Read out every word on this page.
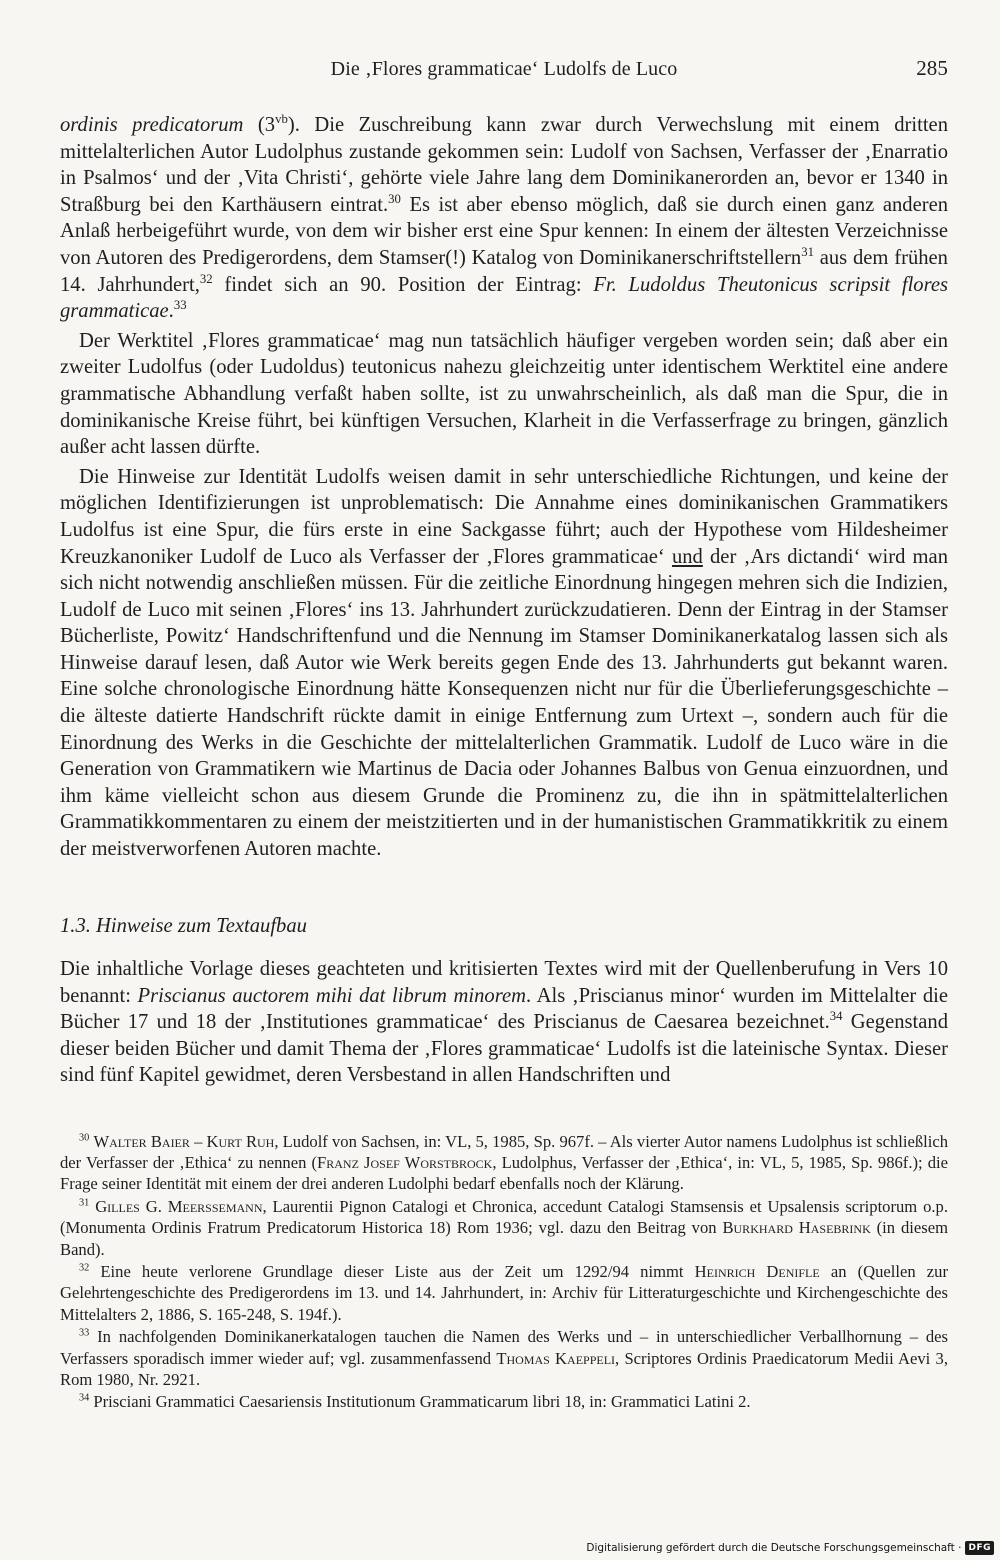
Die ‚Flores grammaticae‘ Ludolfs de Luco	285

ordinis predicatorum $(3^{vb})$. Die Zuschreibung kann zwar durch Verwechslung mit einem dritten mittelalterlichen Autor Ludolphus zustande gekommen sein: Ludolf von Sachsen, Verfasser der ‚Enarratio in Psalmos‘ und der ‚Vita Christi‘, gehörte viele Jahre lang dem Dominikanerorden an, bevor er 1340 in Straßburg bei den Karthäusern eintrat.$^{30}$ Es ist aber ebenso möglich, daß sie durch einen ganz anderen Anlaß herbeigeführt wurde, von dem wir bisher erst eine Spur kennen: In einem der ältesten Verzeichnisse von Autoren des Predigerordens, dem Stamser(!) Katalog von Dominikanerschriftstellern$^{31}$ aus dem frühen 14. Jahrhundert,$^{32}$ findet sich an 90. Position der Eintrag: Fr. Ludoldus Theutonicus scripsit flores grammaticae.$^{33}$

Der Werktitel ‚Flores grammaticae‘ mag nun tatsächlich häufiger vergeben worden sein; daß aber ein zweiter Ludolfus (oder Ludoldus) teutonicus nahezu gleichzeitig unter identischem Werktitel eine andere grammatische Abhandlung verfaßt haben sollte, ist zu unwahrscheinlich, als daß man die Spur, die in dominikanische Kreise führt, bei künftigen Versuchen, Klarheit in die Verfasserfrage zu bringen, gänzlich außer acht lassen dürfte.

Die Hinweise zur Identität Ludolfs weisen damit in sehr unterschiedliche Richtungen, und keine der möglichen Identifizierungen ist unproblematisch: Die Annahme eines dominikanischen Grammatikers Ludolfus ist eine Spur, die fürs erste in eine Sackgasse führt; auch der Hypothese vom Hildesheimer Kreuzkanoniker Ludolf de Luco als Verfasser der ‚Flores grammaticae‘ und der ‚Ars dictandi‘ wird man sich nicht notwendig anschließen müssen. Für die zeitliche Einordnung hingegen mehren sich die Indizien, Ludolf de Luco mit seinen ‚Flores‘ ins 13. Jahrhundert zurückzudatieren. Denn der Eintrag in der Stamser Bücherliste, Powitz‘ Handschriftenfund und die Nennung im Stamser Dominikanerkatalog lassen sich als Hinweise darauf lesen, daß Autor wie Werk bereits gegen Ende des 13. Jahrhunderts gut bekannt waren. Eine solche chronologische Einordnung hätte Konsequenzen nicht nur für die Überlieferungsgeschichte – die älteste datierte Handschrift rückte damit in einige Entfernung zum Urtext –, sondern auch für die Einordnung des Werks in die Geschichte der mittelalterlichen Grammatik. Ludolf de Luco wäre in die Generation von Grammatikern wie Martinus de Dacia oder Johannes Balbus von Genua einzuordnen, und ihm käme vielleicht schon aus diesem Grunde die Prominenz zu, die ihn in spätmittelalterlichen Grammatikkommentaren zu einem der meistzitierten und in der humanistischen Grammatikkritik zu einem der meistverworfenen Autoren machte.

1.3. Hinweise zum Textaufbau

Die inhaltliche Vorlage dieses geachteten und kritisierten Textes wird mit der Quellenberufung in Vers 10 benannt: Priscianus auctorem mihi dat librum minorem. Als ‚Priscianus minor‘ wurden im Mittelalter die Bücher 17 und 18 der ‚Institutiones grammaticae‘ des Priscianus de Caesarea bezeichnet.$^{34}$ Gegenstand dieser beiden Bücher und damit Thema der ‚Flores grammaticae‘ Ludolfs ist die lateinische Syntax. Dieser sind fünf Kapitel gewidmet, deren Versbestand in allen Handschriften und

$^{30}$ Walter Baier – Kurt Ruh, Ludolf von Sachsen, in: VL, 5, 1985, Sp. 967f. – Als vierter Autor namens Ludolphus ist schließlich der Verfasser der ‚Ethica‘ zu nennen (Franz Josef Worstbrock, Ludolphus, Verfasser der ‚Ethica‘, in: VL, 5, 1985, Sp. 986f.); die Frage seiner Identität mit einem der drei anderen Ludolphi bedarf ebenfalls noch der Klärung.

$^{31}$ Gilles G. Meerssemann, Laurentii Pignon Catalogi et Chronica, accedunt Catalogi Stamsensis et Upsalensis scriptorum o.p. (Monumenta Ordinis Fratrum Predicatorum Historica 18) Rom 1936; vgl. dazu den Beitrag von Burkhard Hasebrink (in diesem Band).

$^{32}$ Eine heute verlorene Grundlage dieser Liste aus der Zeit um 1292/94 nimmt Heinrich Denifle an (Quellen zur Gelehrtengeschichte des Predigerordens im 13. und 14. Jahrhundert, in: Archiv für Litteraturgeschichte und Kirchengeschichte des Mittelalters 2, 1886, S. 165-248, S. 194f.).

$^{33}$ In nachfolgenden Dominikanerkatalogen tauchen die Namen des Werks und – in unterschiedlicher Verballhornung – des Verfassers sporadisch immer wieder auf; vgl. zusammenfassend Thomas Kaeppeli, Scriptores Ordinis Praedicatorum Medii Aevi 3, Rom 1980, Nr. 2921.

$^{34}$ Prisciani Grammatici Caesariensis Institutionum Grammaticarum libri 18, in: Grammatici Latini 2.

Digitalisierung gefördert durch die Deutsche Forschungsgemeinschaft · DFG
